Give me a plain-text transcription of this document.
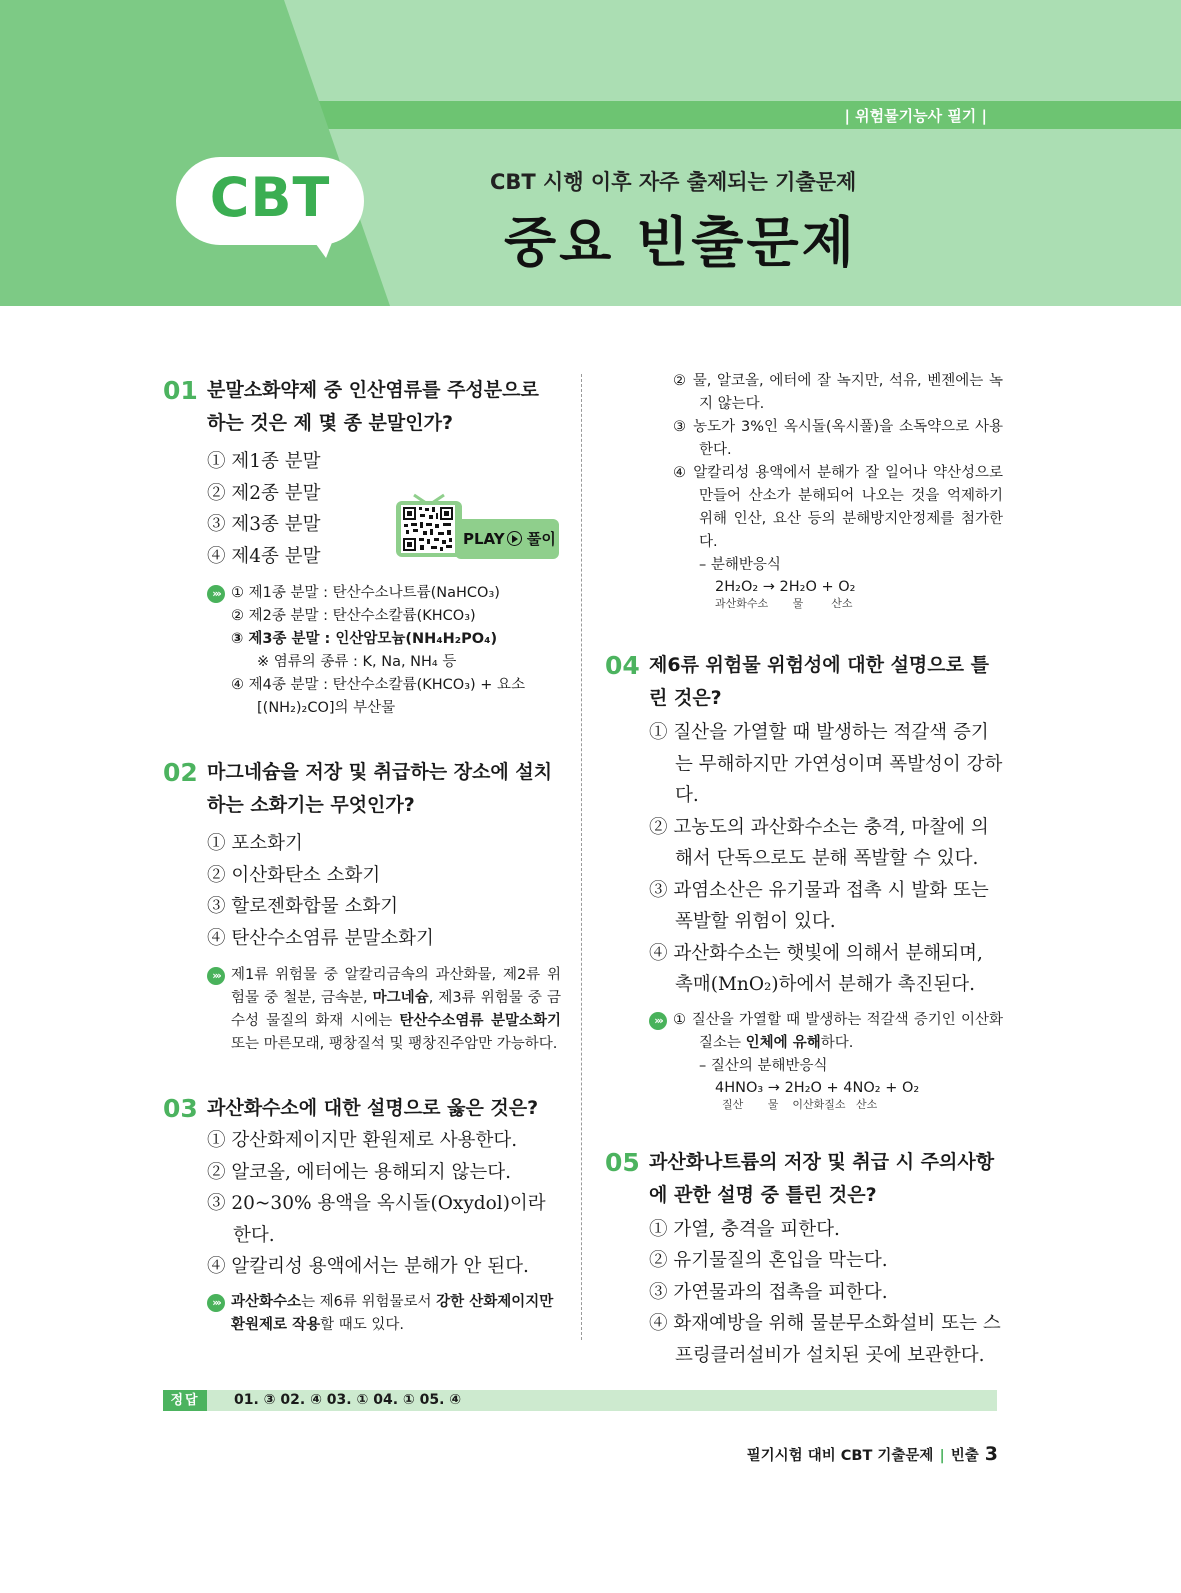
| 위험물기능사 필기 |
CBT	CBT 시행 이후 자주 출제되는 기출문제
중요 빈출문제
01 분말소화약제 중 인산염류를 주성분으로 하는 것은 제 몇 종 분말인가?
① 제1종 분말
② 제2종 분말
③ 제3종 분말
④ 제4종 분말
››› ① 제1종 분말 : 탄산수소나트륨(NaHCO₃)
② 제2종 분말 : 탄산수소칼륨(KHCO₃)
③ 제3종 분말 : 인산암모늄(NH₄H₂PO₄)
※ 염류의 종류 : K, Na, NH₄ 등
④ 제4종 분말 : 탄산수소칼륨(KHCO₃) + 요소 [(NH₂)₂CO]의 부산물
02 마그네슘을 저장 및 취급하는 장소에 설치하는 소화기는 무엇인가?
① 포소화기
② 이산화탄소 소화기
③ 할로젠화합물 소화기
④ 탄산수소염류 분말소화기
››› 제1류 위험물 중 알칼리금속의 과산화물, 제2류 위험물 중 철분, 금속분, 마그네슘, 제3류 위험물 중 금수성 물질의 화재 시에는 탄산수소염류 분말소화기 또는 마른모래, 팽창질석 및 팽창진주암만 가능하다.
03 과산화수소에 대한 설명으로 옳은 것은?
① 강산화제이지만 환원제로 사용한다.
② 알코올, 에터에는 용해되지 않는다.
③ 20~30% 용액을 옥시돌(Oxydol)이라 한다.
④ 알칼리성 용액에서는 분해가 안 된다.
››› 과산화수소는 제6류 위험물로서 강한 산화제이지만 환원제로 작용할 때도 있다.
PLAY 풀이
② 물, 알코올, 에터에 잘 녹지만, 석유, 벤젠에는 녹지 않는다.
③ 농도가 3%인 옥시돌(옥시풀)을 소독약으로 사용한다.
④ 알칼리성 용액에서 분해가 잘 일어나 약산성으로 만들어 산소가 분해되어 나오는 것을 억제하기 위해 인산, 요산 등의 분해방지안정제를 첨가한다.
– 분해반응식
2H₂O₂ → 2H₂O + O₂
과산화수소       물        산소
04 제6류 위험물 위험성에 대한 설명으로 틀린 것은?
① 질산을 가열할 때 발생하는 적갈색 증기는 무해하지만 가연성이며 폭발성이 강하다.
② 고농도의 과산화수소는 충격, 마찰에 의해서 단독으로도 분해 폭발할 수 있다.
③ 과염소산은 유기물과 접촉 시 발화 또는 폭발할 위험이 있다.
④ 과산화수소는 햇빛에 의해서 분해되며, 촉매(MnO₂)하에서 분해가 촉진된다.
››› ① 질산을 가열할 때 발생하는 적갈색 증기인 이산화질소는 인체에 유해하다.
– 질산의 분해반응식
4HNO₃ → 2H₂O + 4NO₂ + O₂
질산       물    이산화질소   산소
05 과산화나트륨의 저장 및 취급 시 주의사항에 관한 설명 중 틀린 것은?
① 가열, 충격을 피한다.
② 유기물질의 혼입을 막는다.
③ 가연물과의 접촉을 피한다.
④ 화재예방을 위해 물분무소화설비 또는 스프링클러설비가 설치된 곳에 보관한다.
정답	01. ③ 02. ④ 03. ① 04. ① 05. ④
필기시험 대비 CBT 기출문제 | 빈출 3
